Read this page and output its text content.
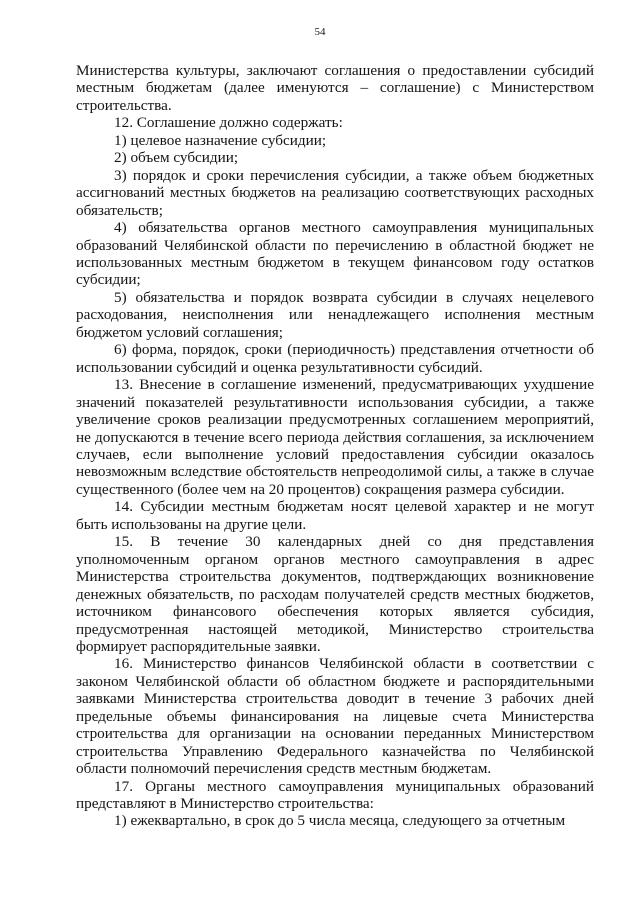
54

Министерства культуры, заключают соглашения о предоставлении субсидий местным бюджетам (далее именуются – соглашение) с Министерством строительства.

12. Соглашение должно содержать:

1) целевое назначение субсидии;

2) объем субсидии;

3) порядок и сроки перечисления субсидии, а также объем бюджетных ассигнований местных бюджетов на реализацию соответствующих расходных обязательств;

4) обязательства органов местного самоуправления муниципальных образований Челябинской области по перечислению в областной бюджет не использованных местным бюджетом в текущем финансовом году остатков субсидии;

5) обязательства и порядок возврата субсидии в случаях нецелевого расходования, неисполнения или ненадлежащего исполнения местным бюджетом условий соглашения;

6) форма, порядок, сроки (периодичность) представления отчетности об использовании субсидий и оценка результативности субсидий.

13. Внесение в соглашение изменений, предусматривающих ухудшение значений показателей результативности использования субсидии, а также увеличение сроков реализации предусмотренных соглашением мероприятий, не допускаются в течение всего периода действия соглашения, за исключением случаев, если выполнение условий предоставления субсидии оказалось невозможным вследствие обстоятельств непреодолимой силы, а также в случае существенного (более чем на 20 процентов) сокращения размера субсидии.

14. Субсидии местным бюджетам носят целевой характер и не могут быть использованы на другие цели.

15. В течение 30 календарных дней со дня представления уполномоченным органом органов местного самоуправления в адрес Министерства строительства документов, подтверждающих возникновение денежных обязательств, по расходам получателей средств местных бюджетов, источником финансового обеспечения которых является субсидия, предусмотренная настоящей методикой, Министерство строительства формирует распорядительные заявки.

16. Министерство финансов Челябинской области в соответствии с законом Челябинской области об областном бюджете и распорядительными заявками Министерства строительства доводит в течение 3 рабочих дней предельные объемы финансирования на лицевые счета Министерства строительства для организации на основании переданных Министерством строительства Управлению Федерального казначейства по Челябинской области полномочий перечисления средств местным бюджетам.

17. Органы местного самоуправления муниципальных образований представляют в Министерство строительства:

1) ежеквартально, в срок до 5 числа месяца, следующего за отчетным
